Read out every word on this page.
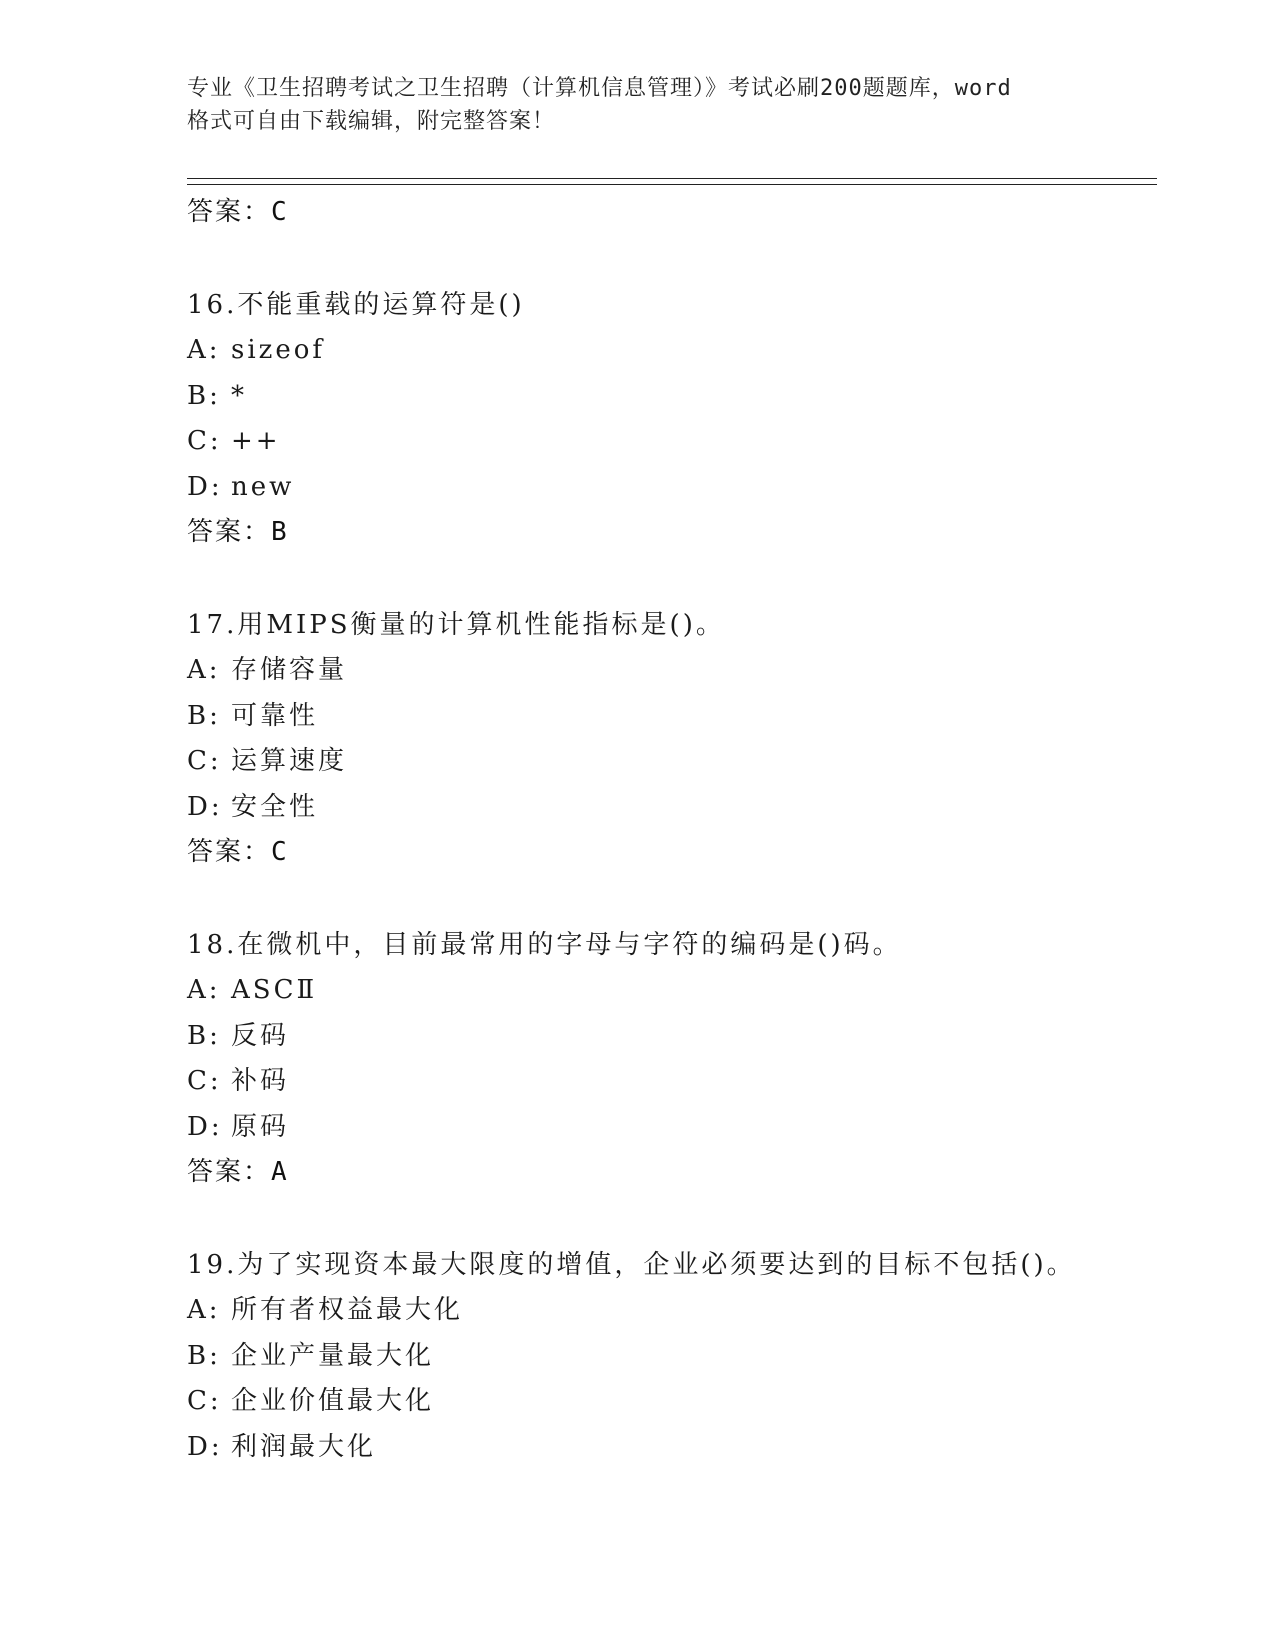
专业《卫生招聘考试之卫生招聘（计算机信息管理）》考试必刷200题题库，word
格式可自由下载编辑，附完整答案！
答案：C
16.不能重载的运算符是()
A: sizeof
B: *
C: ++
D: new
答案：B
17.用MIPS衡量的计算机性能指标是()。
A: 存储容量
B: 可靠性
C: 运算速度
D: 安全性
答案：C
18.在微机中，目前最常用的字母与字符的编码是()码。
A: ASCⅡ
B: 反码
C: 补码
D: 原码
答案：A
19.为了实现资本最大限度的增值，企业必须要达到的目标不包括()。
A: 所有者权益最大化
B: 企业产量最大化
C: 企业价值最大化
D: 利润最大化
